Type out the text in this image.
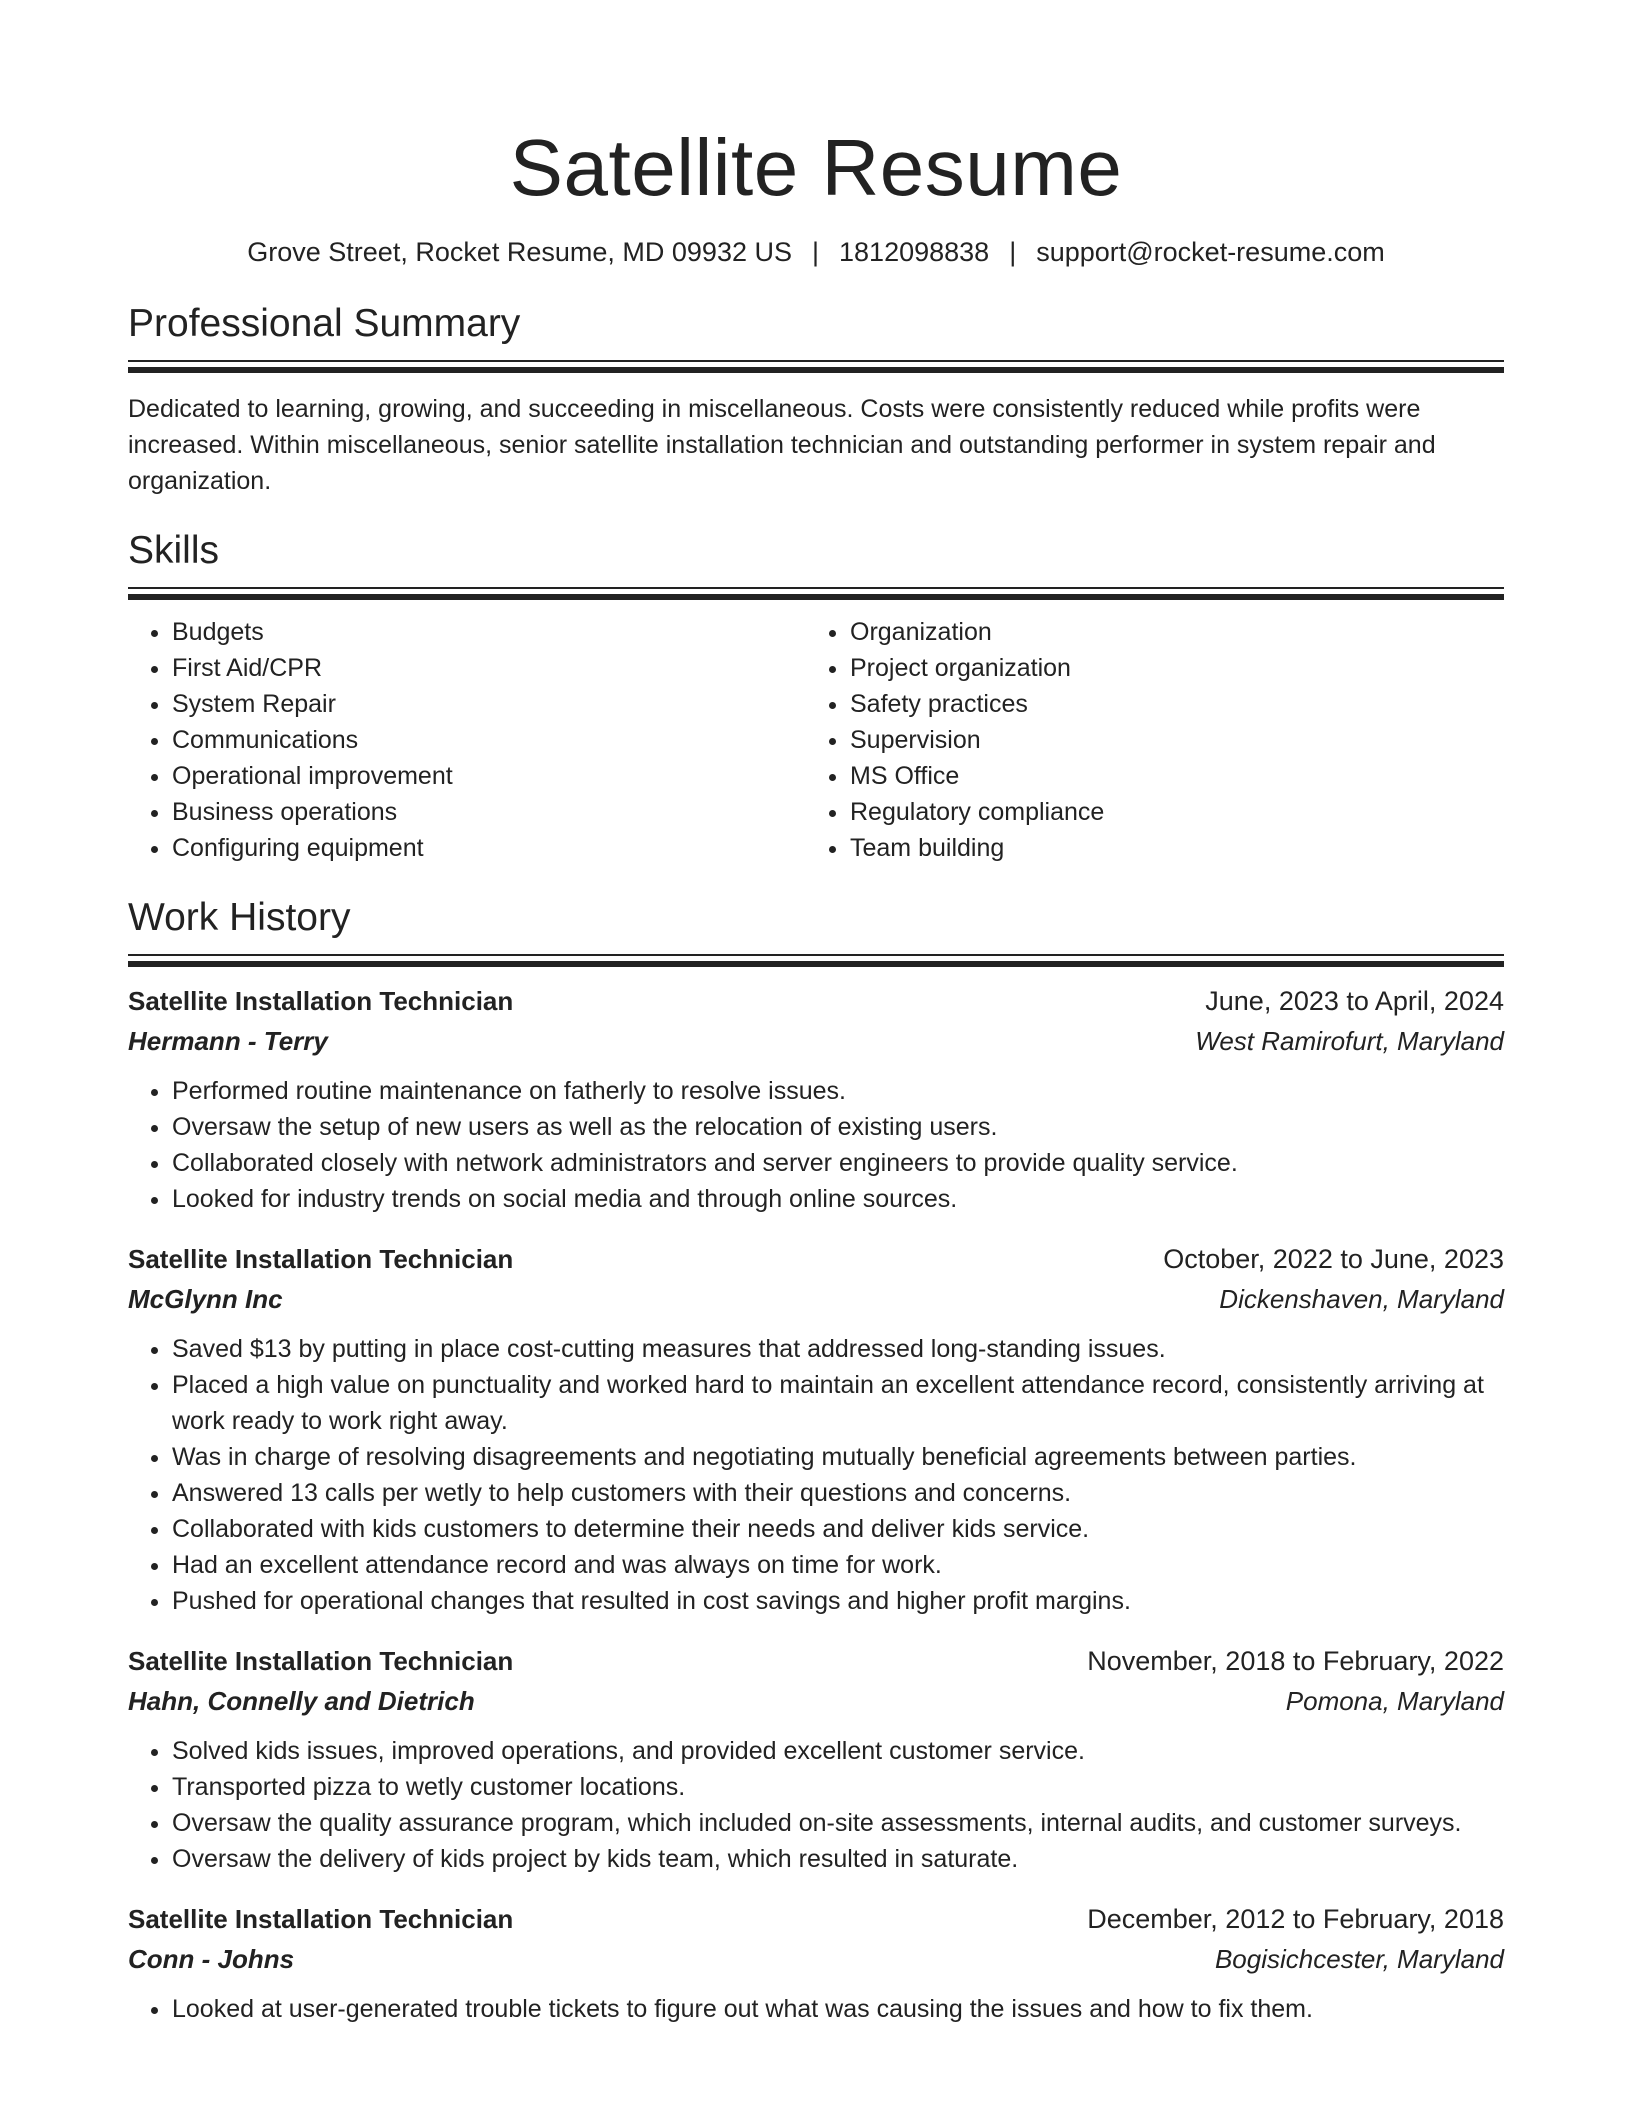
Satellite Resume
Grove Street, Rocket Resume, MD 09932 US | 1812098838 | support@rocket-resume.com
Professional Summary

Dedicated to learning, growing, and succeeding in miscellaneous. Costs were consistently reduced while profits were increased. Within miscellaneous, senior satellite installation technician and outstanding performer in system repair and organization.

Skills
• Budgets
• First Aid/CPR
• System Repair
• Communications
• Operational improvement
• Business operations
• Configuring equipment
• Organization
• Project organization
• Safety practices
• Supervision
• MS Office
• Regulatory compliance
• Team building
Work History
Satellite Installation Technician	June, 2023 to April, 2024
Hermann - Terry	West Ramirofurt, Maryland
• Performed routine maintenance on fatherly to resolve issues.
• Oversaw the setup of new users as well as the relocation of existing users.
• Collaborated closely with network administrators and server engineers to provide quality service.
• Looked for industry trends on social media and through online sources.
Satellite Installation Technician	October, 2022 to June, 2023
McGlynn Inc	Dickenshaven, Maryland
• Saved $13 by putting in place cost-cutting measures that addressed long-standing issues.
• Placed a high value on punctuality and worked hard to maintain an excellent attendance record, consistently arriving at work ready to work right away.
• Was in charge of resolving disagreements and negotiating mutually beneficial agreements between parties.
• Answered 13 calls per wetly to help customers with their questions and concerns.
• Collaborated with kids customers to determine their needs and deliver kids service.
• Had an excellent attendance record and was always on time for work.
• Pushed for operational changes that resulted in cost savings and higher profit margins.
Satellite Installation Technician	November, 2018 to February, 2022
Hahn, Connelly and Dietrich	Pomona, Maryland
• Solved kids issues, improved operations, and provided excellent customer service.
• Transported pizza to wetly customer locations.
• Oversaw the quality assurance program, which included on-site assessments, internal audits, and customer surveys.
• Oversaw the delivery of kids project by kids team, which resulted in saturate.
Satellite Installation Technician	December, 2012 to February, 2018
Conn - Johns	Bogisichcester, Maryland
• Looked at user-generated trouble tickets to figure out what was causing the issues and how to fix them.
